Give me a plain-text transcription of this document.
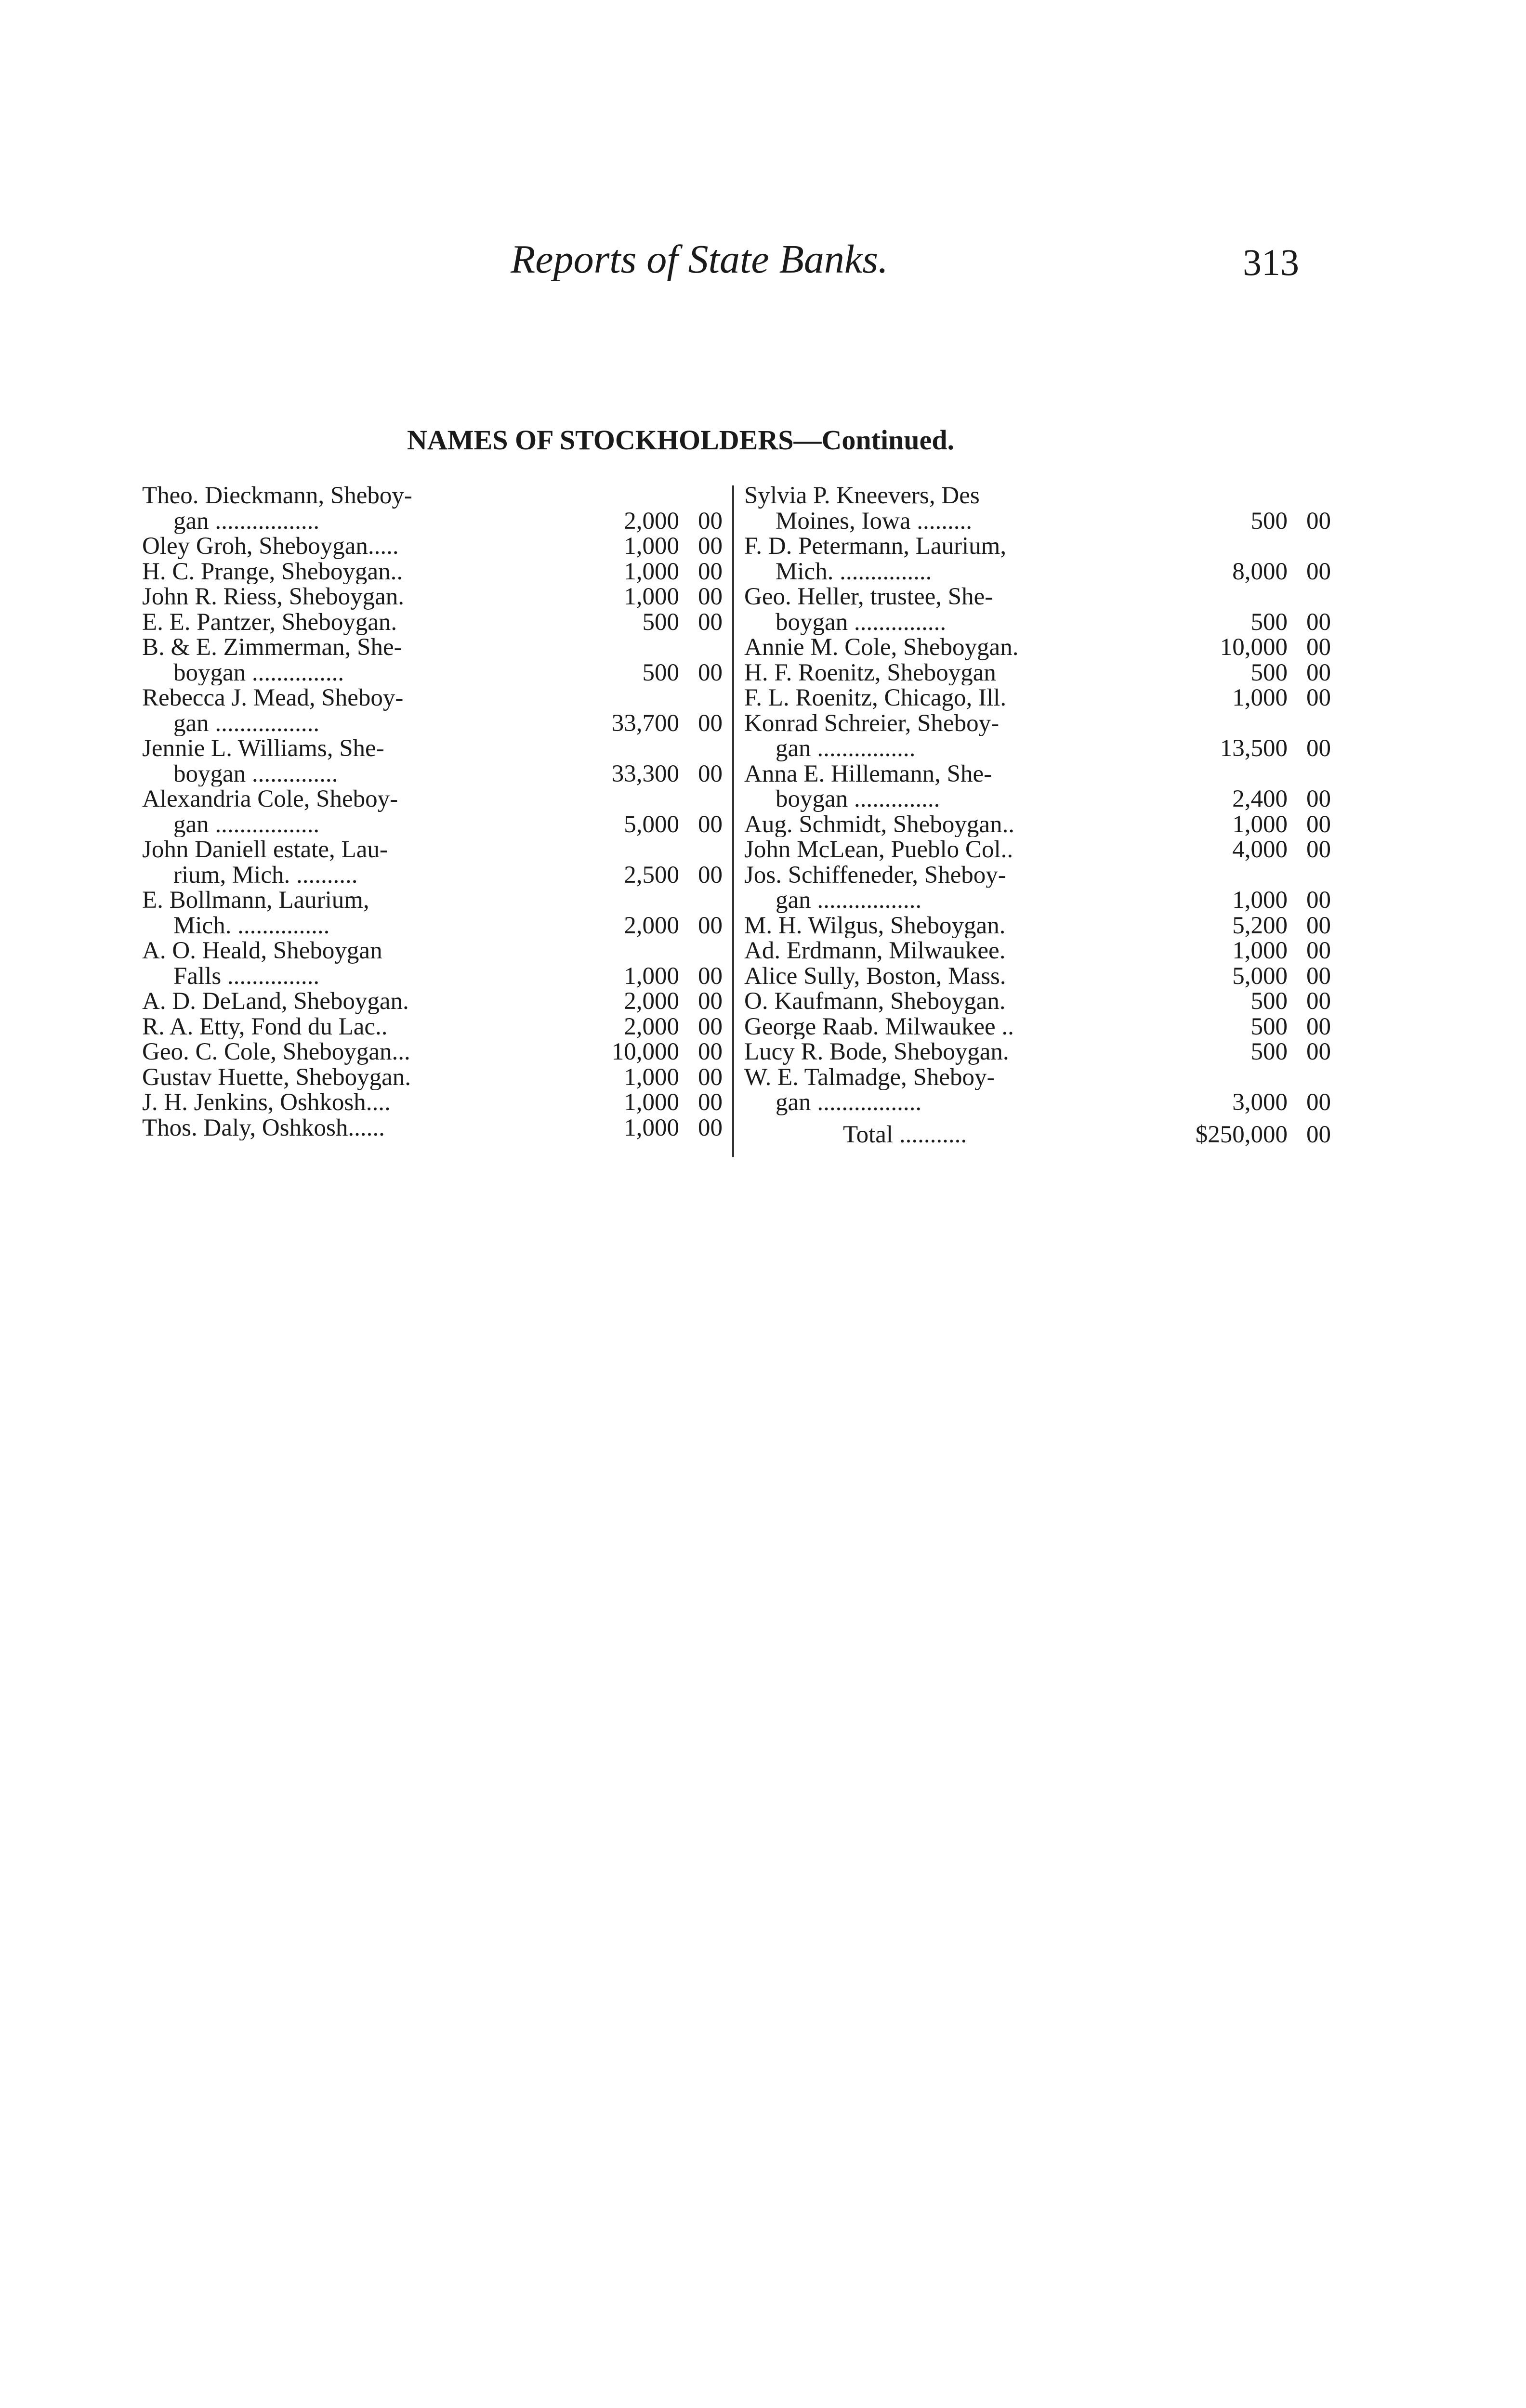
Reports of State Banks.	313
NAMES OF STOCKHOLDERS—Continued.
Theo. Dieckmann, Sheboy-
gan .................	2,000 00
Oley Groh, Sheboygan.....	1,000 00
H. C. Prange, Sheboygan..	1,000 00
John R. Riess, Sheboygan.	1,000 00
E. E. Pantzer, Sheboygan.	500 00
B. & E. Zimmerman, She-
boygan ...............	500 00
Rebecca J. Mead, Sheboy-
gan .................	33,700 00
Jennie L. Williams, She-
boygan ..............	33,300 00
Alexandria Cole, Sheboy-
gan .................	5,000 00
John Daniell estate, Lau-
rium, Mich. ..........	2,500 00
E. Bollmann, Laurium,
Mich. ...............	2,000 00
A. O. Heald, Sheboygan
Falls ...............	1,000 00
A. D. DeLand, Sheboygan.	2,000 00
R. A. Etty, Fond du Lac..	2,000 00
Geo. C. Cole, Sheboygan...	10,000 00
Gustav Huette, Sheboygan.	1,000 00
J. H. Jenkins, Oshkosh....	1,000 00
Thos. Daly, Oshkosh......	1,000 00
Sylvia P. Kneevers, Des
Moines, Iowa .........	500 00
F. D. Petermann, Laurium,
Mich. ...............	8,000 00
Geo. Heller, trustee, She-
boygan ...............	500 00
Annie M. Cole, Sheboygan.	10,000 00
H. F. Roenitz, Sheboygan	500 00
F. L. Roenitz, Chicago, Ill.	1,000 00
Konrad Schreier, Sheboy-
gan ................	13,500 00
Anna E. Hillemann, She-
boygan ..............	2,400 00
Aug. Schmidt, Sheboygan..	1,000 00
John McLean, Pueblo Col..	4,000 00
Jos. Schiffeneder, Sheboy-
gan .................	1,000 00
M. H. Wilgus, Sheboygan.	5,200 00
Ad. Erdmann, Milwaukee.	1,000 00
Alice Sully, Boston, Mass.	5,000 00
O. Kaufmann, Sheboygan.	500 00
George Raab. Milwaukee ..	500 00
Lucy R. Bode, Sheboygan.	500 00
W. E. Talmadge, Sheboy-
gan .................	3,000 00
Total ...........	$250,000 00
